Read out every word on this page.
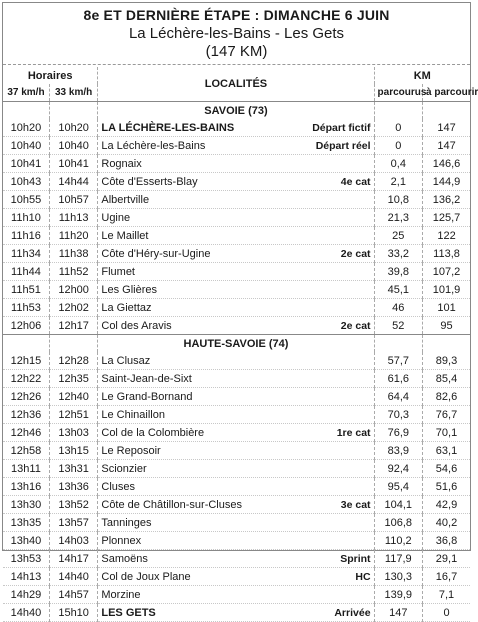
8e ET DERNIÈRE ÉTAPE : DIMANCHE 6 JUIN
La Léchère-les-Bains - Les Gets
(147 KM)
Horaires		LOCALITÉS	KM	
37 km/h	33 km/h		parcourus	à parcourir
		SAVOIE (73)		
10h20	10h20	LA LÉCHÈRE-LES-BAINS Départ fictif	0	147
10h40	10h40	La Léchère-les-Bains Départ réel	0	147
10h41	10h41	Rognaix	0,4	146,6
10h43	14h44	Côte d'Esserts-Blay 4e cat	2,1	144,9
10h55	10h57	Albertville	10,8	136,2
11h10	11h13	Ugine	21,3	125,7
11h16	11h20	Le Maillet	25	122
11h34	11h38	Côte d'Héry-sur-Ugine 2e cat	33,2	113,8
11h44	11h52	Flumet	39,8	107,2
11h51	12h00	Les Glières	45,1	101,9
11h53	12h02	La Giettaz	46	101
12h06	12h17	Col des Aravis 2e cat	52	95
		HAUTE-SAVOIE (74)		
12h15	12h28	La Clusaz	57,7	89,3
12h22	12h35	Saint-Jean-de-Sixt	61,6	85,4
12h26	12h40	Le Grand-Bornand	64,4	82,6
12h36	12h51	Le Chinaillon	70,3	76,7
12h46	13h03	Col de la Colombière 1re cat	76,9	70,1
12h58	13h15	Le Reposoir	83,9	63,1
13h11	13h31	Scionzier	92,4	54,6
13h16	13h36	Cluses	95,4	51,6
13h30	13h52	Côte de Châtillon-sur-Cluses 3e cat	104,1	42,9
13h35	13h57	Tanninges	106,8	40,2
13h40	14h03	Plonnex	110,2	36,8
13h53	14h17	Samoëns Sprint	117,9	29,1
14h13	14h40	Col de Joux Plane HC	130,3	16,7
14h29	14h57	Morzine	139,9	7,1
14h40	15h10	LES GETS Arrivée	147	0
